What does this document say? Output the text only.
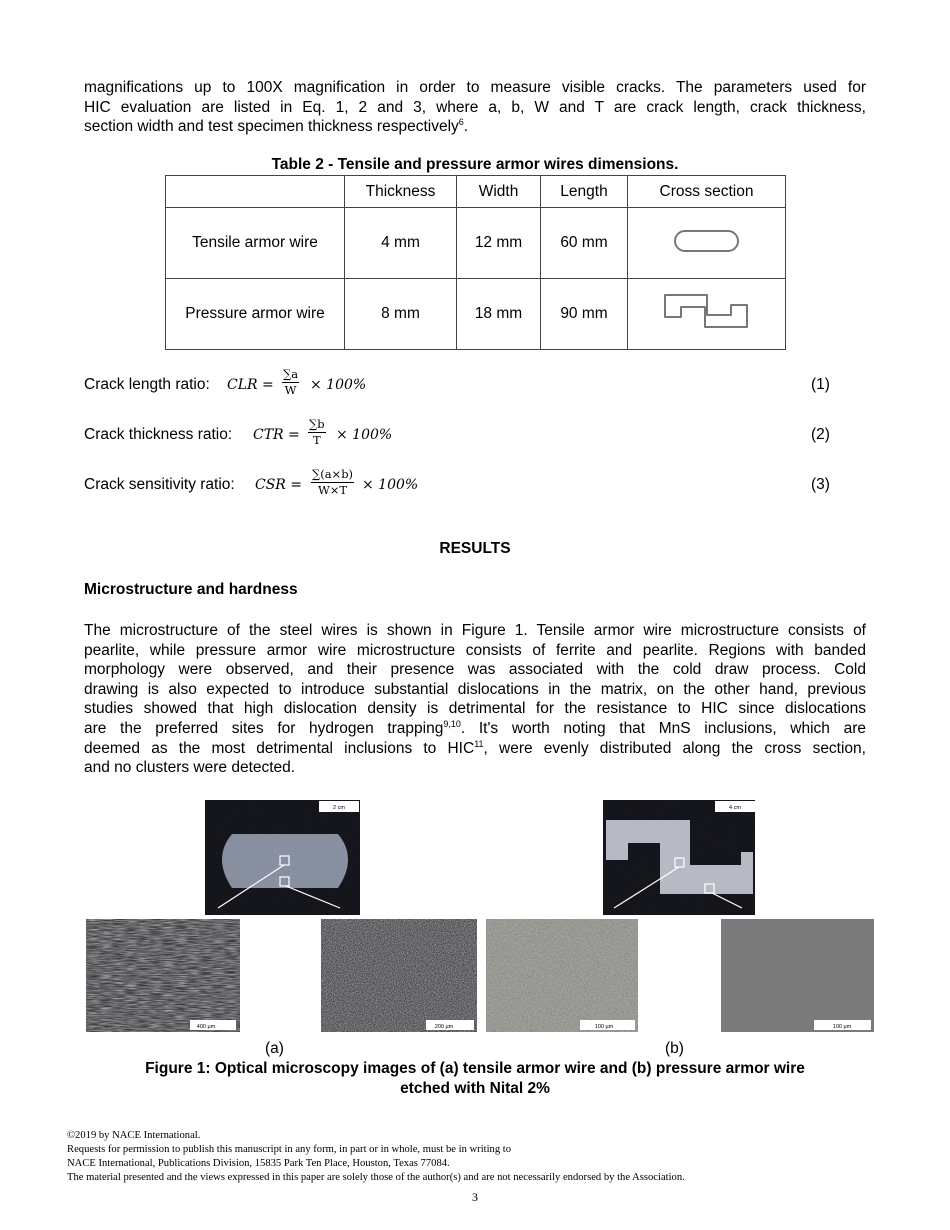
magnifications up to 100X magnification in order to measure visible cracks. The parameters used for
HIC evaluation are listed in Eq. 1, 2 and 3, where a, b, W and T are crack length, crack thickness,
section width and test specimen thickness respectively$^6$.

Table 2 - Tensile and pressure armor wires dimensions.
	Thickness	Width	Length	Cross section
Tensile armor wire	4 mm	12 mm	60 mm	
Pressure armor wire	8 mm	18 mm	90 mm	
Crack length ratio: CLR = $\frac{\sum a}{W} \times 100\%$	(1)
Crack thickness ratio: CTR = $\frac{\sum b}{T} \times 100\%$	(2)
Crack sensitivity ratio: CSR = $\frac{\sum(a\times b)}{W\times T} \times 100\%$	(3)
RESULTS
Microstructure and hardness

The microstructure of the steel wires is shown in Figure 1. Tensile armor wire microstructure consists of
pearlite, while pressure armor wire microstructure consists of ferrite and pearlite. Regions with banded
morphology were observed, and their presence was associated with the cold draw process. Cold
drawing is also expected to introduce substantial dislocations in the matrix, on the other hand, previous
studies showed that high dislocation density is detrimental for the resistance to HIC since dislocations
are the preferred sites for hydrogen trapping$^{9,10}$. It's worth noting that MnS inclusions, which are
deemed as the most detrimental inclusions to HIC$^{11}$, were evenly distributed along the cross section,
and no clusters were detected.

2 cm
400 µm	200 µm
4 cm
100 µm	100 µm
(a)	(b)
Figure 1: Optical microscopy images of (a) tensile armor wire and (b) pressure armor wire
etched with Nital 2%
©2019 by NACE International.
Requests for permission to publish this manuscript in any form, in part or in whole, must be in writing to
NACE International, Publications Division, 15835 Park Ten Place, Houston, Texas 77084.
The material presented and the views expressed in this paper are solely those of the author(s) and are not necessarily endorsed by the Association.
3
